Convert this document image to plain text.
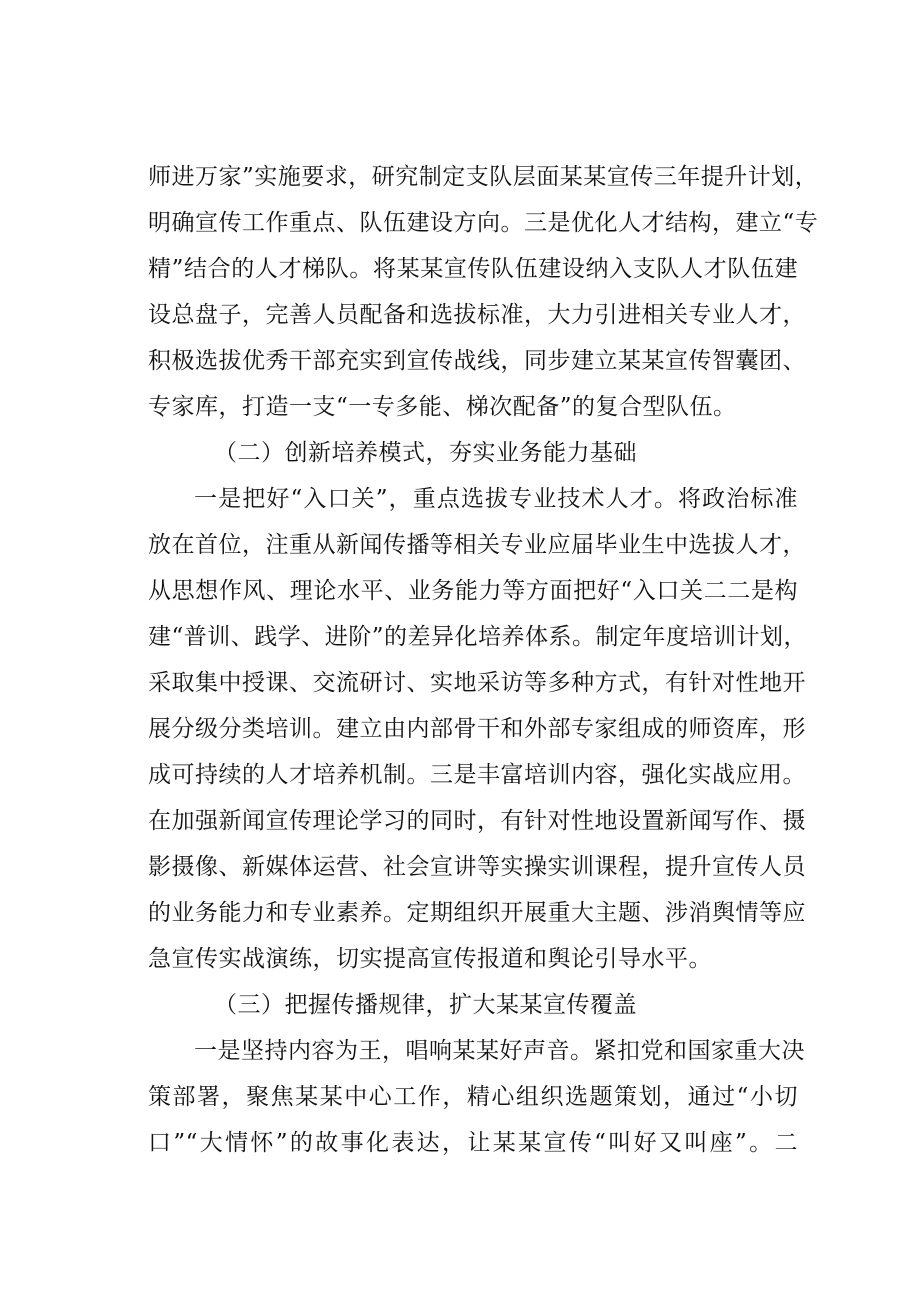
师进万家”实施要求，研究制定支队层面某某宣传三年提升计划，
明确宣传工作重点、队伍建设方向。三是优化人才结构，建立“专
精”结合的人才梯队。将某某宣传队伍建设纳入支队人才队伍建
设总盘子，完善人员配备和选拔标准，大力引进相关专业人才，
积极选拔优秀干部充实到宣传战线，同步建立某某宣传智囊团、
专家库，打造一支“一专多能、梯次配备”的复合型队伍。
（二）创新培养模式，夯实业务能力基础
一是把好“入口关”，重点选拔专业技术人才。将政治标准
放在首位，注重从新闻传播等相关专业应届毕业生中选拔人才，
从思想作风、理论水平、业务能力等方面把好“入口关二二是构
建“普训、践学、进阶”的差异化培养体系。制定年度培训计划，
采取集中授课、交流研讨、实地采访等多种方式，有针对性地开
展分级分类培训。建立由内部骨干和外部专家组成的师资库，形
成可持续的人才培养机制。三是丰富培训内容，强化实战应用。
在加强新闻宣传理论学习的同时，有针对性地设置新闻写作、摄
影摄像、新媒体运营、社会宣讲等实操实训课程，提升宣传人员
的业务能力和专业素养。定期组织开展重大主题、涉消舆情等应
急宣传实战演练，切实提高宣传报道和舆论引导水平。
（三）把握传播规律，扩大某某宣传覆盖
一是坚持内容为王，唱响某某好声音。紧扣党和国家重大决
策部署，聚焦某某中心工作，精心组织选题策划，通过“小切
口”“大情怀”的故事化表达，让某某宣传“叫好又叫座”。二
